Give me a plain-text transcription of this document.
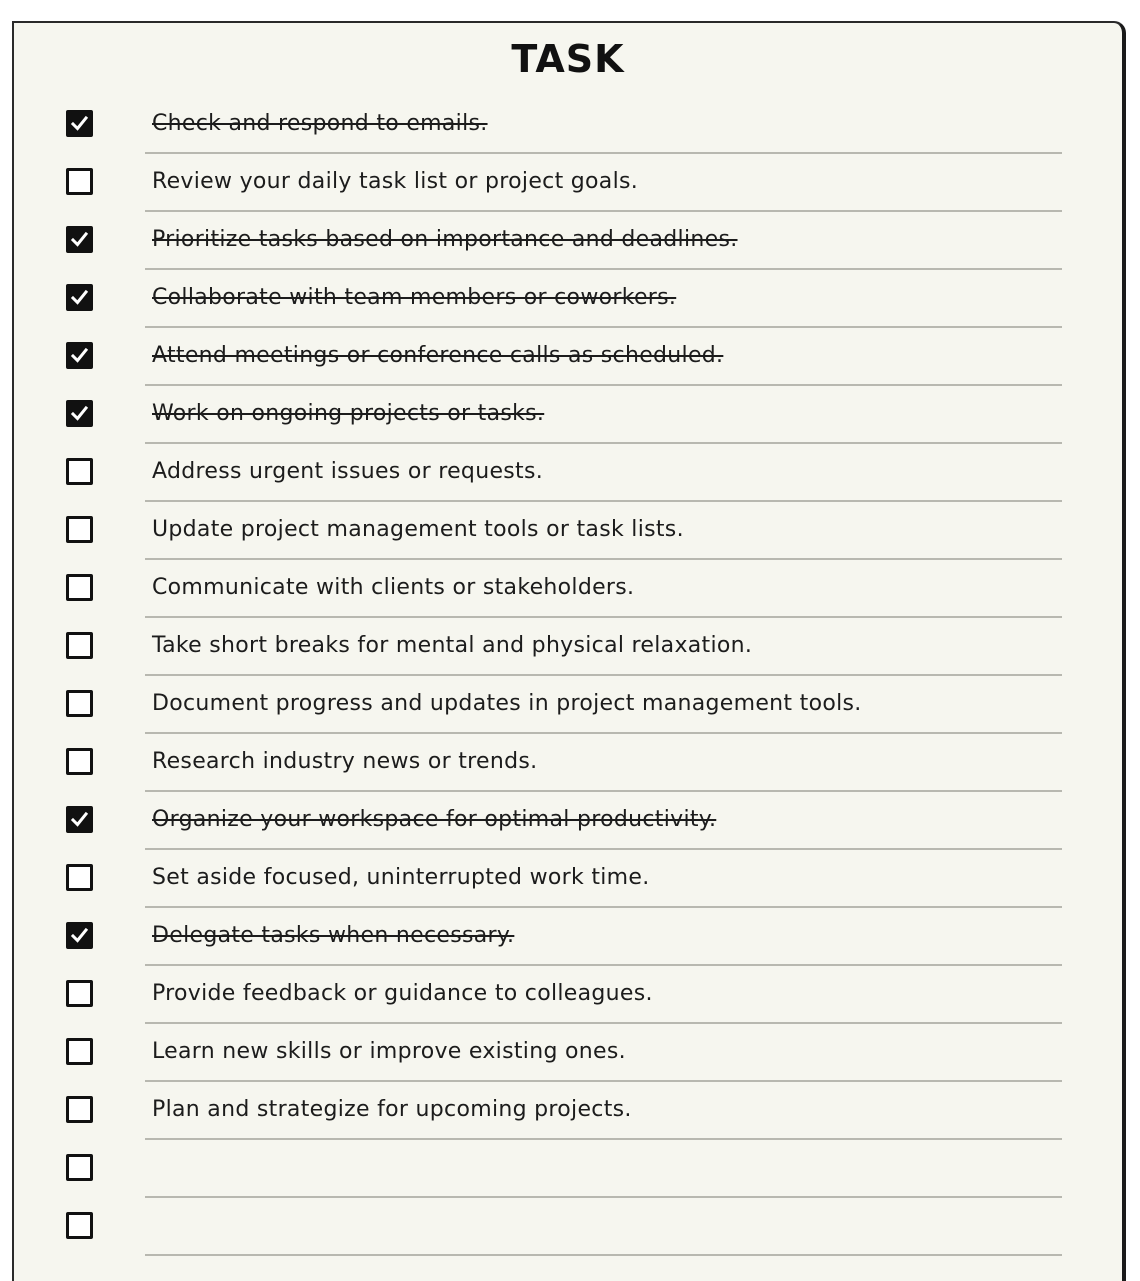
TASK
Check and respond to emails.
Review your daily task list or project goals.
Prioritize tasks based on importance and deadlines.
Collaborate with team members or coworkers.
Attend meetings or conference calls as scheduled.
Work on ongoing projects or tasks.
Address urgent issues or requests.
Update project management tools or task lists.
Communicate with clients or stakeholders.
Take short breaks for mental and physical relaxation.
Document progress and updates in project management tools.
Research industry news or trends.
Organize your workspace for optimal productivity.
Set aside focused, uninterrupted work time.
Delegate tasks when necessary.
Provide feedback or guidance to colleagues.
Learn new skills or improve existing ones.
Plan and strategize for upcoming projects.
